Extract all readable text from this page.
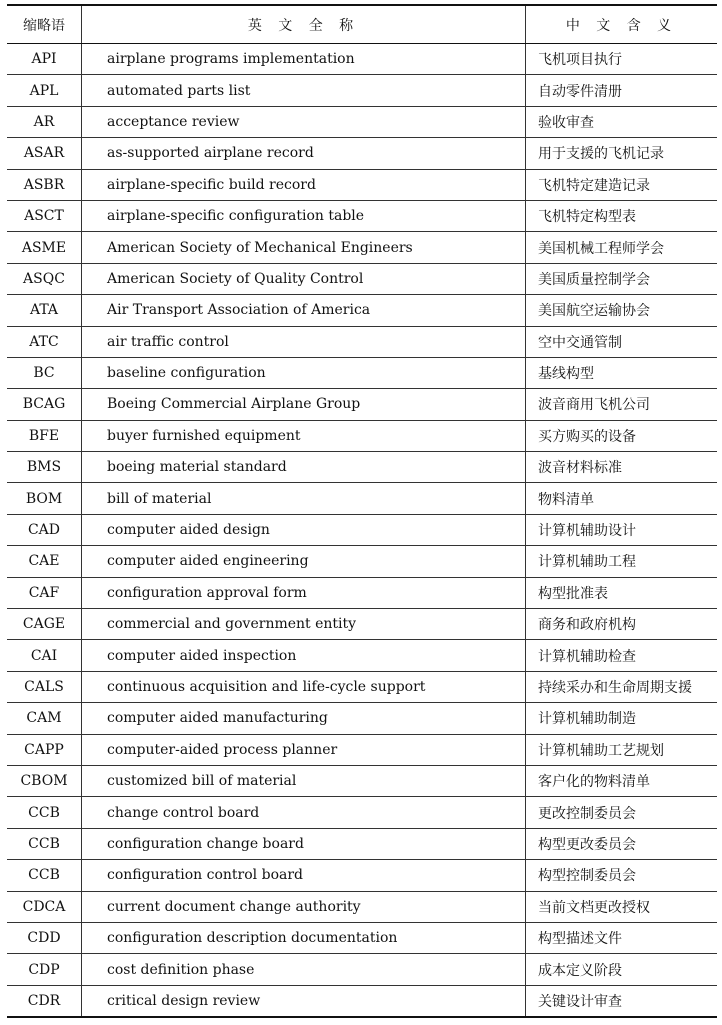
缩略语	英 文 全 称	中 文 含 义
API	airplane programs implementation	飞机项目执行
APL	automated parts list	自动零件清册
AR	acceptance review	验收审查
ASAR	as-supported airplane record	用于支援的飞机记录
ASBR	airplane-specific build record	飞机特定建造记录
ASCT	airplane-specific configuration table	飞机特定构型表
ASME	American Society of Mechanical Engineers	美国机械工程师学会
ASQC	American Society of Quality Control	美国质量控制学会
ATA	Air Transport Association of America	美国航空运输协会
ATC	air traffic control	空中交通管制
BC	baseline configuration	基线构型
BCAG	Boeing Commercial Airplane Group	波音商用飞机公司
BFE	buyer furnished equipment	买方购买的设备
BMS	boeing material standard	波音材料标准
BOM	bill of material	物料清单
CAD	computer aided design	计算机辅助设计
CAE	computer aided engineering	计算机辅助工程
CAF	configuration approval form	构型批准表
CAGE	commercial and government entity	商务和政府机构
CAI	computer aided inspection	计算机辅助检查
CALS	continuous acquisition and life-cycle support	持续采办和生命周期支援
CAM	computer aided manufacturing	计算机辅助制造
CAPP	computer-aided process planner	计算机辅助工艺规划
CBOM	customized bill of material	客户化的物料清单
CCB	change control board	更改控制委员会
CCB	configuration change board	构型更改委员会
CCB	configuration control board	构型控制委员会
CDCA	current document change authority	当前文档更改授权
CDD	configuration description documentation	构型描述文件
CDP	cost definition phase	成本定义阶段
CDR	critical design review	关键设计审查
